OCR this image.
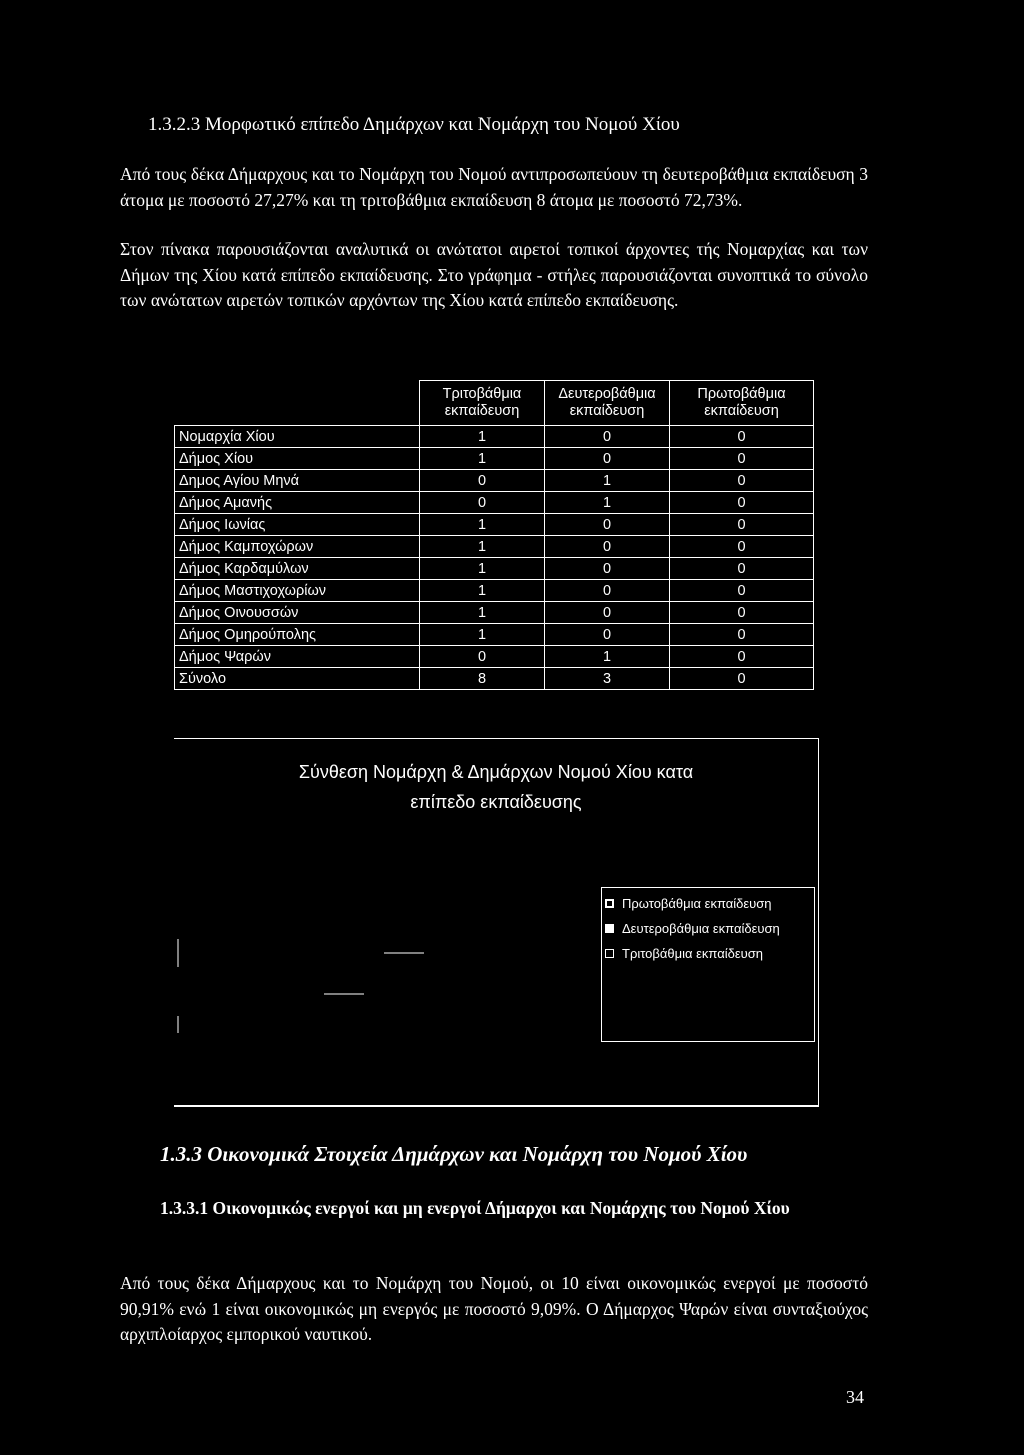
1.3.2.3 Μορφωτικό επίπεδο Δημάρχων και Νομάρχη του Νομού Χίου

Από τους δέκα Δήμαρχους και το Νομάρχη του Νομού αντιπροσωπεύουν τη δευτεροβάθμια εκπαίδευση 3 άτομα με ποσοστό 27,27% και τη τριτοβάθμια εκπαίδευση 8 άτομα με ποσοστό 72,73%.

Στον πίνακα παρουσιάζονται αναλυτικά οι ανώτατοι αιρετοί τοπικοί άρχοντες τής Νομαρχίας και των Δήμων της Χίου κατά επίπεδο εκπαίδευσης. Στο γράφημα - στήλες παρουσιάζονται συνοπτικά το σύνολο των ανώτατων αιρετών τοπικών αρχόντων της Χίου κατά επίπεδο εκπαίδευσης.

	Τριτοβάθμια εκπαίδευση	Δευτεροβάθμια εκπαίδευση	Πρωτοβάθμια εκπαίδευση
Νομαρχία Χίου	1	0	0
Δήμος Χίου	1	0	0
Δημος Αγίου Μηνά	0	1	0
Δήμος Αμανής	0	1	0
Δήμος Ιωνίας	1	0	0
Δήμος Καμποχώρων	1	0	0
Δήμος Καρδαμύλων	1	0	0
Δήμος Μαστιχοχωρίων	1	0	0
Δήμος Οινουσσών	1	0	0
Δήμος Ομηρούπολης	1	0	0
Δήμος Ψαρών	0	1	0
Σύνολο	8	3	0
Σύνθεση Νομάρχη & Δημάρχων Νομού Χίου κατα
επίπεδο εκπαίδευσης
Πρωτοβάθμια εκπαίδευση
Δευτεροβάθμια εκπαίδευση
Τριτοβάθμια εκπαίδευση
1.3.3 Οικονομικά Στοιχεία Δημάρχων και Νομάρχη του Νομού Χίου
1.3.3.1 Οικονομικώς ενεργοί και μη ενεργοί Δήμαρχοι και Νομάρχης του Νομού Χίου

Από τους δέκα Δήμαρχους και το Νομάρχη του Νομού, οι 10 είναι οικονομικώς ενεργοί με ποσοστό 90,91% ενώ 1 είναι οικονομικώς μη ενεργός με ποσοστό 9,09%. Ο Δήμαρχος Ψαρών είναι συνταξιούχος αρχιπλοίαρχος εμπορικού ναυτικού.

34
